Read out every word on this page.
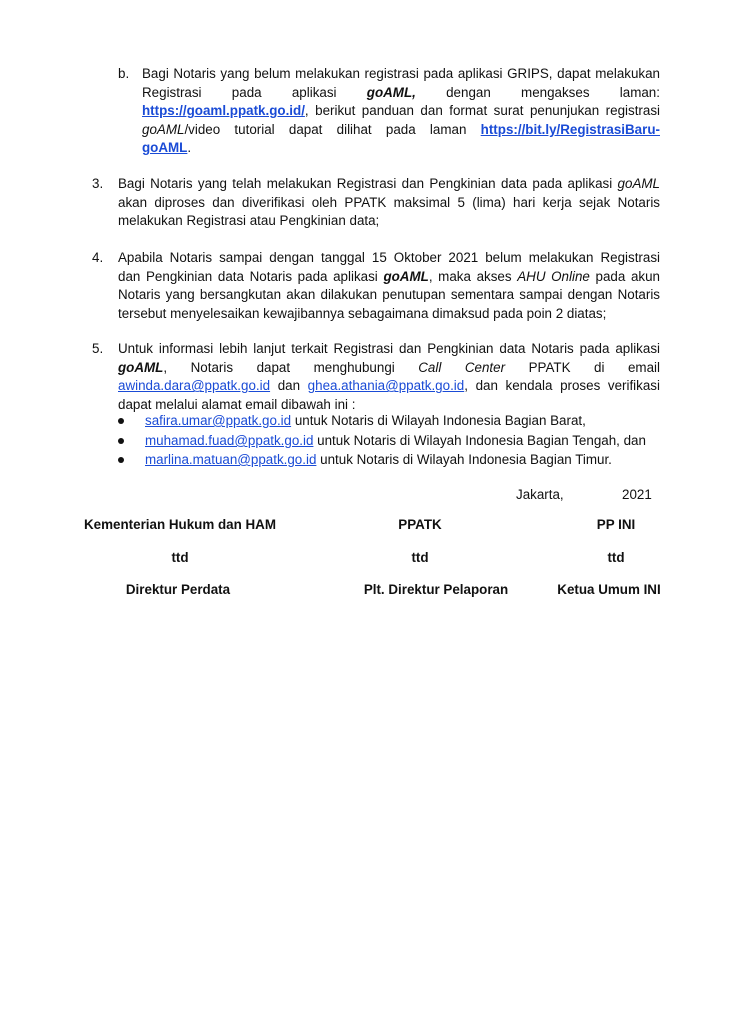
b. Bagi Notaris yang belum melakukan registrasi pada aplikasi GRIPS, dapat melakukan
Registrasi pada aplikasi goAML, dengan mengakses laman:
https://goaml.ppatk.go.id/, berikut panduan dan format surat penunjukan registrasi
goAML/video tutorial dapat dilihat pada laman https://bit.ly/RegistrasiBaru-
goAML.
3. Bagi Notaris yang telah melakukan Registrasi dan Pengkinian data pada aplikasi goAML
akan diproses dan diverifikasi oleh PPATK maksimal 5 (lima) hari kerja sejak Notaris
melakukan Registrasi atau Pengkinian data;
4. Apabila Notaris sampai dengan tanggal 15 Oktober 2021 belum melakukan Registrasi
dan Pengkinian data Notaris pada aplikasi goAML, maka akses AHU Online pada akun
Notaris yang bersangkutan akan dilakukan penutupan sementara sampai dengan Notaris
tersebut menyelesaikan kewajibannya sebagaimana dimaksud pada poin 2 diatas;
5. Untuk informasi lebih lanjut terkait Registrasi dan Pengkinian data Notaris pada aplikasi
goAML, Notaris dapat menghubungi Call Center PPATK di email
awinda.dara@ppatk.go.id dan ghea.athania@ppatk.go.id, dan kendala proses verifikasi
dapat melalui alamat email dibawah ini :
safira.umar@ppatk.go.id untuk Notaris di Wilayah Indonesia Bagian Barat,
muhamad.fuad@ppatk.go.id untuk Notaris di Wilayah Indonesia Bagian Tengah, dan
marlina.matuan@ppatk.go.id untuk Notaris di Wilayah Indonesia Bagian Timur.
Jakarta,	2021
Kementerian Hukum dan HAM	PPATK	PP INI
ttd	ttd	ttd
Direktur Perdata	Plt. Direktur Pelaporan	Ketua Umum INI
